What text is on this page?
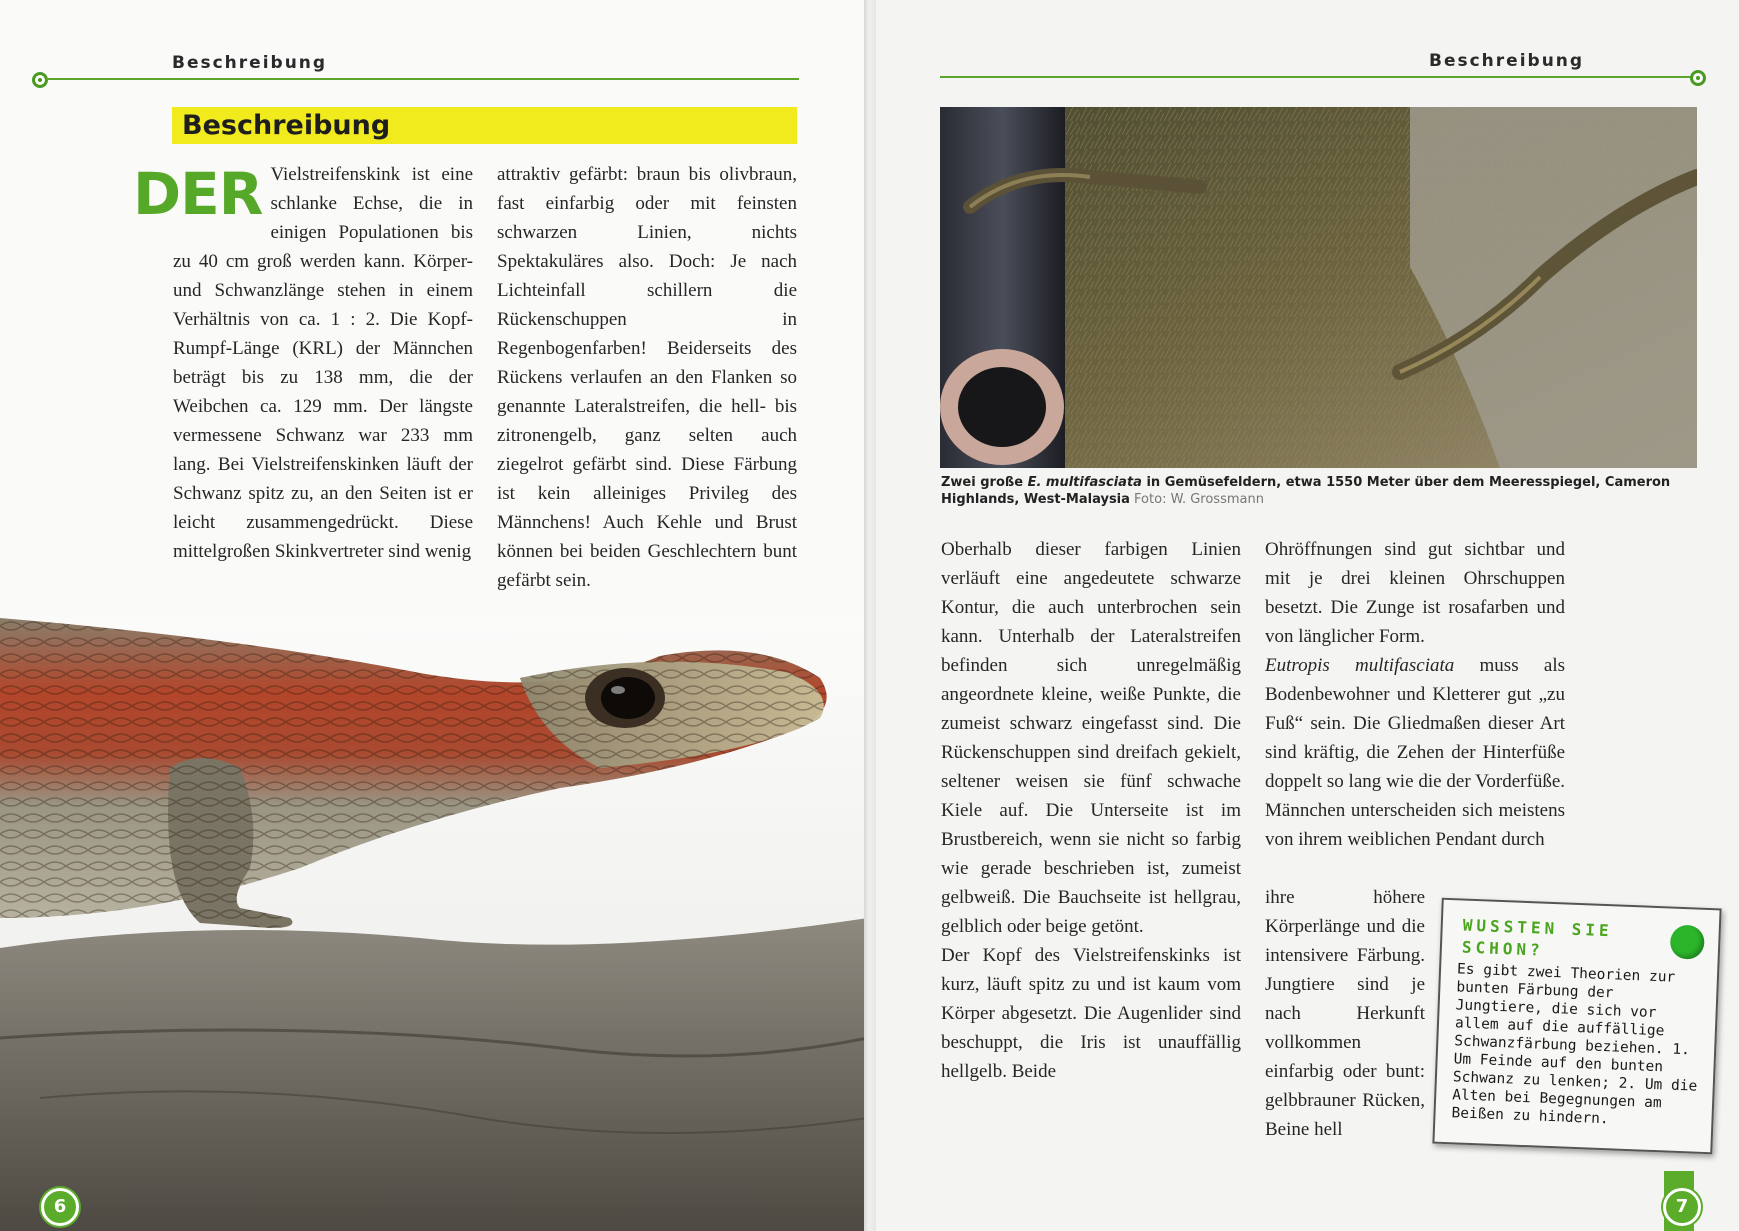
Beschreibung
Beschreibung

DER Vielstreifenskink ist eine schlanke Echse, die in einigen Populationen bis zu 40 cm groß werden kann. Körper- und Schwanzlänge stehen in einem Verhältnis von ca. 1 : 2. Die Kopf-Rumpf-Länge (KRL) der Männchen beträgt bis zu 138 mm, die der Weibchen ca. 129 mm. Der längste vermessene Schwanz war 233 mm lang. Bei Vielstreifenskinken läuft der Schwanz spitz zu, an den Seiten ist er leicht zusammengedrückt. Diese mittelgroßen Skinkvertreter sind wenig

attraktiv gefärbt: braun bis olivbraun, fast einfarbig oder mit feinsten schwarzen Linien, nichts Spektakuläres also. Doch: Je nach Lichteinfall schillern die Rückenschuppen in Regenbogenfarben! Beiderseits des Rückens verlaufen an den Flanken so genannte Lateralstreifen, die hell- bis zitronengelb, ganz selten auch ziegelrot gefärbt sind. Diese Färbung ist kein alleiniges Privileg des Männchens! Auch Kehle und Brust können bei beiden Geschlechtern bunt gefärbt sein.

6
Beschreibung
Zwei große E. multifasciata in Gemüsefeldern, etwa 1550 Meter über dem Meeresspiegel, Cameron Highlands, West-Malaysia Foto: W. Grossmann

Oberhalb dieser farbigen Linien verläuft eine angedeutete schwarze Kontur, die auch unterbrochen sein kann. Unterhalb der Lateralstreifen befinden sich unregelmäßig angeordnete kleine, weiße Punkte, die zumeist schwarz eingefasst sind. Die Rückenschuppen sind dreifach gekielt, seltener weisen sie fünf schwache Kiele auf. Die Unterseite ist im Brustbereich, wenn sie nicht so farbig wie gerade beschrieben ist, zumeist gelbweiß. Die Bauchseite ist hellgrau, gelblich oder beige getönt.

Der Kopf des Vielstreifenskinks ist kurz, läuft spitz zu und ist kaum vom Körper abgesetzt. Die Augenlider sind beschuppt, die Iris ist unauffällig hellgelb. Beide

Ohröffnungen sind gut sichtbar und mit je drei kleinen Ohrschuppen besetzt. Die Zunge ist rosafarben und von länglicher Form.

Eutropis multifasciata muss als Bodenbewohner und Kletterer gut „zu Fuß“ sein. Die Gliedmaßen dieser Art sind kräftig, die Zehen der Hinterfüße doppelt so lang wie die der Vorderfüße. Männchen unterscheiden sich meistens von ihrem weiblichen Pendant durch

ihre höhere Körperlänge und die intensivere Färbung. Jungtiere sind je nach Herkunft vollkommen einfarbig oder bunt: gelbbrauner Rücken, Beine hell

WUSSTEN SIE SCHON?
Es gibt zwei Theorien zur bunten Färbung der Jungtiere, die sich vor allem auf die auffällige Schwanzfärbung beziehen. 1. Um Feinde auf den bunten Schwanz zu lenken; 2. Um die Alten bei Begegnungen am Beißen zu hindern.
7
